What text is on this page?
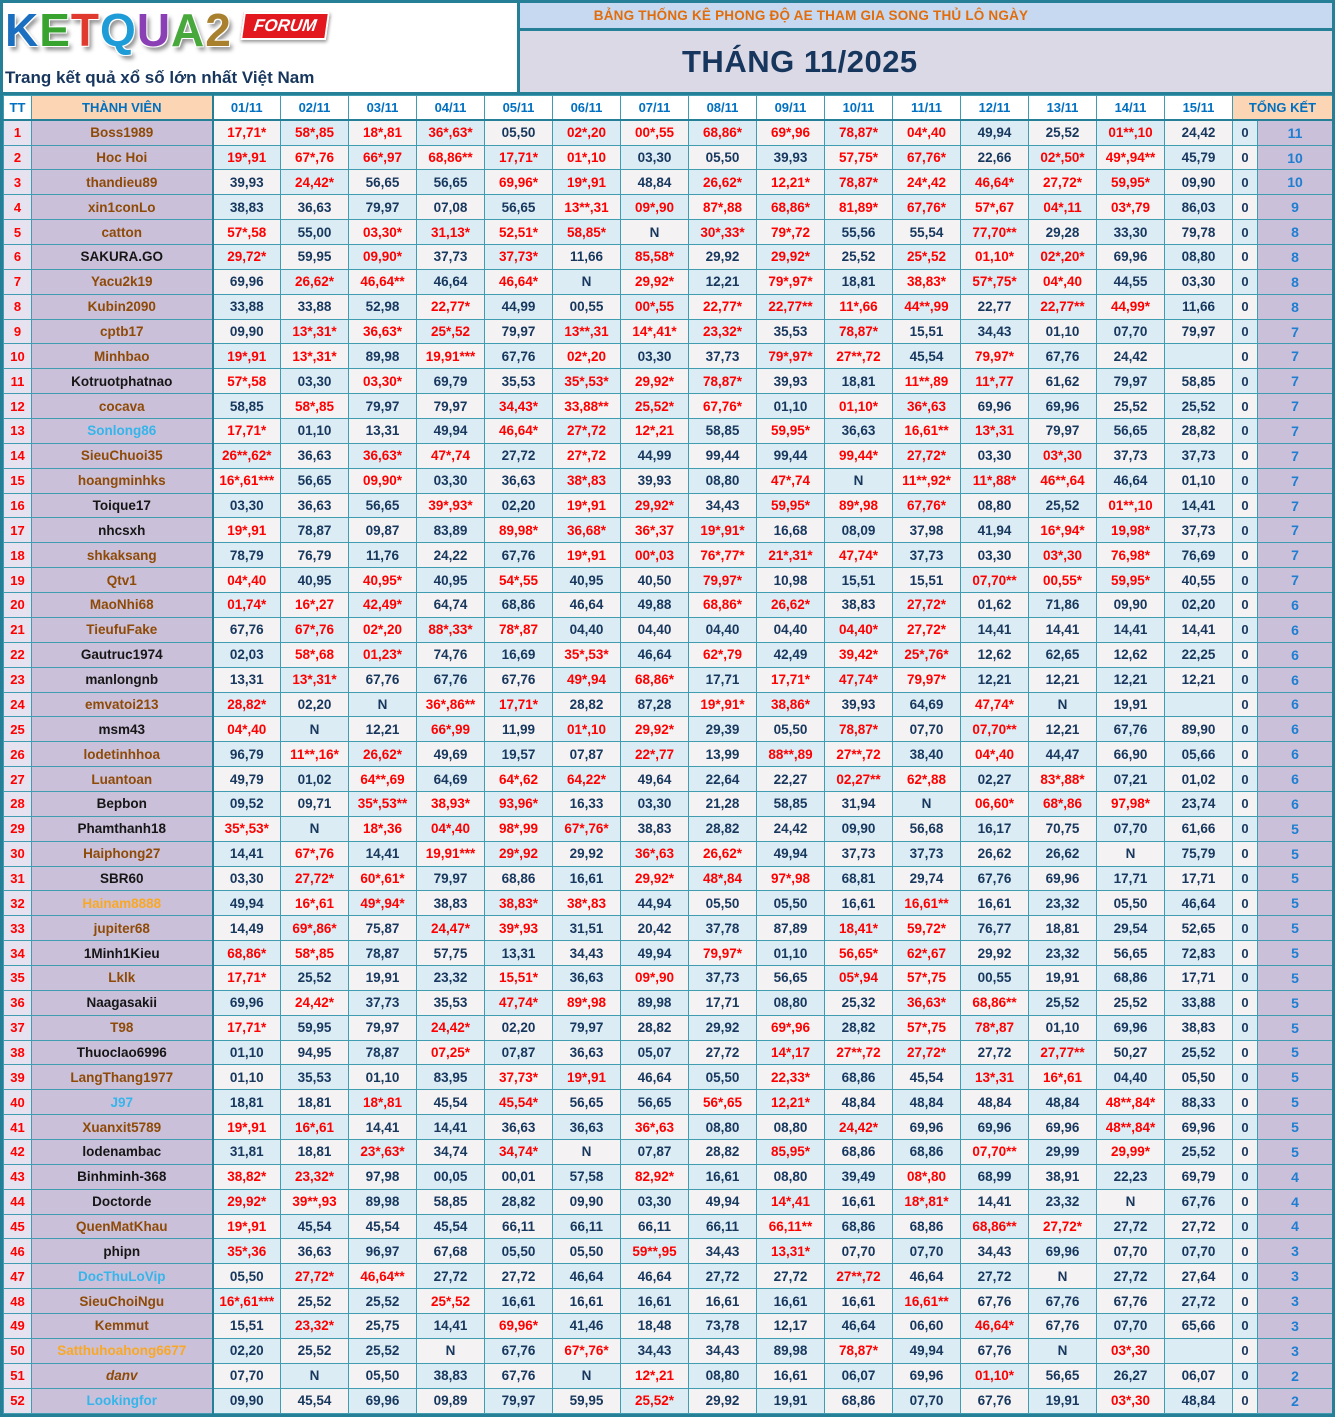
KETQUA2	FORUM
Trang kết quả xổ số lớn nhất Việt Nam
BẢNG THỐNG KÊ PHONG ĐỘ AE THAM GIA SONG THỦ LÔ NGÀY
THÁNG 11/2025
TT	THÀNH VIÊN	01/11	02/11	03/11	04/11	05/11	06/11	07/11	08/11	09/11	10/11	11/11	12/11	13/11	14/11	15/11	TỔNG KẾT	
1	Boss1989	17,71*	58*,85	18*,81	36*,63*	05,50	02*,20	00*,55	68,86*	69*,96	78,87*	04*,40	49,94	25,52	01**,10	24,42	0	11
2	Hoc Hoi	19*,91	67*,76	66*,97	68,86**	17,71*	01*,10	03,30	05,50	39,93	57,75*	67,76*	22,66	02*,50*	49*,94**	45,79	0	10
3	thandieu89	39,93	24,42*	56,65	56,65	69,96*	19*,91	48,84	26,62*	12,21*	78,87*	24*,42	46,64*	27,72*	59,95*	09,90	0	10
4	xin1conLo	38,83	36,63	79,97	07,08	56,65	13**,31	09*,90	87*,88	68,86*	81,89*	67,76*	57*,67	04*,11	03*,79	86,03	0	9
5	catton	57*,58	55,00	03,30*	31,13*	52,51*	58,85*	N	30*,33*	79*,72	55,56	55,54	77,70**	29,28	33,30	79,78	0	8
6	SAKURA.GO	29,72*	59,95	09,90*	37,73	37,73*	11,66	85,58*	29,92	29,92*	25,52	25*,52	01,10*	02*,20*	69,96	08,80	0	8
7	Yacu2k19	69,96	26,62*	46,64**	46,64	46,64*	N	29,92*	12,21	79*,97*	18,81	38,83*	57*,75*	04*,40	44,55	03,30	0	8
8	Kubin2090	33,88	33,88	52,98	22,77*	44,99	00,55	00*,55	22,77*	22,77**	11*,66	44**,99	22,77	22,77**	44,99*	11,66	0	8
9	cptb17	09,90	13*,31*	36,63*	25*,52	79,97	13**,31	14*,41*	23,32*	35,53	78,87*	15,51	34,43	01,10	07,70	79,97	0	7
10	Minhbao	19*,91	13*,31*	89,98	19,91***	67,76	02*,20	03,30	37,73	79*,97*	27**,72	45,54	79,97*	67,76	24,42		0	7
11	Kotruotphatnao	57*,58	03,30	03,30*	69,79	35,53	35*,53*	29,92*	78,87*	39,93	18,81	11**,89	11*,77	61,62	79,97	58,85	0	7
12	cocava	58,85	58*,85	79,97	79,97	34,43*	33,88**	25,52*	67,76*	01,10	01,10*	36*,63	69,96	69,96	25,52	25,52	0	7
13	Sonlong86	17,71*	01,10	13,31	49,94	46,64*	27*,72	12*,21	58,85	59,95*	36,63	16,61**	13*,31	79,97	56,65	28,82	0	7
14	SieuChuoi35	26**,62*	36,63	36,63*	47*,74	27,72	27*,72	44,99	99,44	99,44	99,44*	27,72*	03,30	03*,30	37,73	37,73	0	7
15	hoangminhks	16*,61***	56,65	09,90*	03,30	36,63	38*,83	39,93	08,80	47*,74	N	11**,92*	11*,88*	46**,64	46,64	01,10	0	7
16	Toique17	03,30	36,63	56,65	39*,93*	02,20	19*,91	29,92*	34,43	59,95*	89*,98	67,76*	08,80	25,52	01**,10	14,41	0	7
17	nhcsxh	19*,91	78,87	09,87	83,89	89,98*	36,68*	36*,37	19*,91*	16,68	08,09	37,98	41,94	16*,94*	19,98*	37,73	0	7
18	shkaksang	78,79	76,79	11,76	24,22	67,76	19*,91	00*,03	76*,77*	21*,31*	47,74*	37,73	03,30	03*,30	76,98*	76,69	0	7
19	Qtv1	04*,40	40,95	40,95*	40,95	54*,55	40,95	40,50	79,97*	10,98	15,51	15,51	07,70**	00,55*	59,95*	40,55	0	7
20	MaoNhi68	01,74*	16*,27	42,49*	64,74	68,86	46,64	49,88	68,86*	26,62*	38,83	27,72*	01,62	71,86	09,90	02,20	0	6
21	TieufuFake	67,76	67*,76	02*,20	88*,33*	78*,87	04,40	04,40	04,40	04,40	04,40*	27,72*	14,41	14,41	14,41	14,41	0	6
22	Gautruc1974	02,03	58*,68	01,23*	74,76	16,69	35*,53*	46,64	62*,79	42,49	39,42*	25*,76*	12,62	62,65	12,62	22,25	0	6
23	manlongnb	13,31	13*,31*	67,76	67,76	67,76	49*,94	68,86*	17,71	17,71*	47,74*	79,97*	12,21	12,21	12,21	12,21	0	6
24	emvatoi213	28,82*	02,20	N	36*,86**	17,71*	28,82	87,28	19*,91*	38,86*	39,93	64,69	47,74*	N	19,91		0	6
25	msm43	04*,40	N	12,21	66*,99	11,99	01*,10	29,92*	29,39	05,50	78,87*	07,70	07,70**	12,21	67,76	89,90	0	6
26	lodetinhhoa	96,79	11**,16*	26,62*	49,69	19,57	07,87	22*,77	13,99	88**,89	27**,72	38,40	04*,40	44,47	66,90	05,66	0	6
27	Luantoan	49,79	01,02	64**,69	64,69	64*,62	64,22*	49,64	22,64	22,27	02,27**	62*,88	02,27	83*,88*	07,21	01,02	0	6
28	Bepbon	09,52	09,71	35*,53**	38,93*	93,96*	16,33	03,30	21,28	58,85	31,94	N	06,60*	68*,86	97,98*	23,74	0	6
29	Phamthanh18	35*,53*	N	18*,36	04*,40	98*,99	67*,76*	38,83	28,82	24,42	09,90	56,68	16,17	70,75	07,70	61,66	0	5
30	Haiphong27	14,41	67*,76	14,41	19,91***	29*,92	29,92	36*,63	26,62*	49,94	37,73	37,73	26,62	26,62	N	75,79	0	5
31	SBR60	03,30	27,72*	60*,61*	79,97	68,86	16,61	29,92*	48*,84	97*,98	68,81	29,74	67,76	69,96	17,71	17,71	0	5
32	Hainam8888	49,94	16*,61	49*,94*	38,83	38,83*	38*,83	44,94	05,50	05,50	16,61	16,61**	16,61	23,32	05,50	46,64	0	5
33	jupiter68	14,49	69*,86*	75,87	24,47*	39*,93	31,51	20,42	37,78	87,89	18,41*	59,72*	76,77	18,81	29,54	52,65	0	5
34	1Minh1Kieu	68,86*	58*,85	78,87	57,75	13,31	34,43	49,94	79,97*	01,10	56,65*	62*,67	29,92	23,32	56,65	72,83	0	5
35	Lklk	17,71*	25,52	19,91	23,32	15,51*	36,63	09*,90	37,73	56,65	05*,94	57*,75	00,55	19,91	68,86	17,71	0	5
36	Naagasakii	69,96	24,42*	37,73	35,53	47,74*	89*,98	89,98	17,71	08,80	25,32	36,63*	68,86**	25,52	25,52	33,88	0	5
37	T98	17,71*	59,95	79,97	24,42*	02,20	79,97	28,82	29,92	69*,96	28,82	57*,75	78*,87	01,10	69,96	38,83	0	5
38	Thuoclao6996	01,10	94,95	78,87	07,25*	07,87	36,63	05,07	27,72	14*,17	27**,72	27,72*	27,72	27,77**	50,27	25,52	0	5
39	LangThang1977	01,10	35,53	01,10	83,95	37,73*	19*,91	46,64	05,50	22,33*	68,86	45,54	13*,31	16*,61	04,40	05,50	0	5
40	J97	18,81	18,81	18*,81	45,54	45,54*	56,65	56,65	56*,65	12,21*	48,84	48,84	48,84	48,84	48**,84*	88,33	0	5
41	Xuanxit5789	19*,91	16*,61	14,41	14,41	36,63	36,63	36*,63	08,80	08,80	24,42*	69,96	69,96	69,96	48**,84*	69,96	0	5
42	lodenambac	31,81	18,81	23*,63*	34,74	34,74*	N	07,87	28,82	85,95*	68,86	68,86	07,70**	29,99	29,99*	25,52	0	5
43	Binhminh-368	38,82*	23,32*	97,98	00,05	00,01	57,58	82,92*	16,61	08,80	39,49	08*,80	68,99	38,91	22,23	69,79	0	4
44	Doctorde	29,92*	39**,93	89,98	58,85	28,82	09,90	03,30	49,94	14*,41	16,61	18*,81*	14,41	23,32	N	67,76	0	4
45	QuenMatKhau	19*,91	45,54	45,54	45,54	66,11	66,11	66,11	66,11	66,11**	68,86	68,86	68,86**	27,72*	27,72	27,72	0	4
46	phipn	35*,36	36,63	96,97	67,68	05,50	05,50	59**,95	34,43	13,31*	07,70	07,70	34,43	69,96	07,70	07,70	0	3
47	DocThuLoVip	05,50	27,72*	46,64**	27,72	27,72	46,64	46,64	27,72	27,72	27**,72	46,64	27,72	N	27,72	27,64	0	3
48	SieuChoiNgu	16*,61***	25,52	25,52	25*,52	16,61	16,61	16,61	16,61	16,61	16,61	16,61**	67,76	67,76	67,76	27,72	0	3
49	Kemmut	15,51	23,32*	25,75	14,41	69,96*	41,46	18,48	73,78	12,17	46,64	06,60	46,64*	67,76	07,70	65,66	0	3
50	Satthuhoahong6677	02,20	25,52	25,52	N	67,76	67*,76*	34,43	34,43	89,98	78,87*	49,94	67,76	N	03*,30		0	3
51	danv	07,70	N	05,50	38,83	67,76	N	12*,21	08,80	16,61	06,07	69,96	01,10*	56,65	26,27	06,07	0	2
52	Lookingfor	09,90	45,54	69,96	09,89	79,97	59,95	25,52*	29,92	19,91	68,86	07,70	67,76	19,91	03*,30	48,84	0	2
